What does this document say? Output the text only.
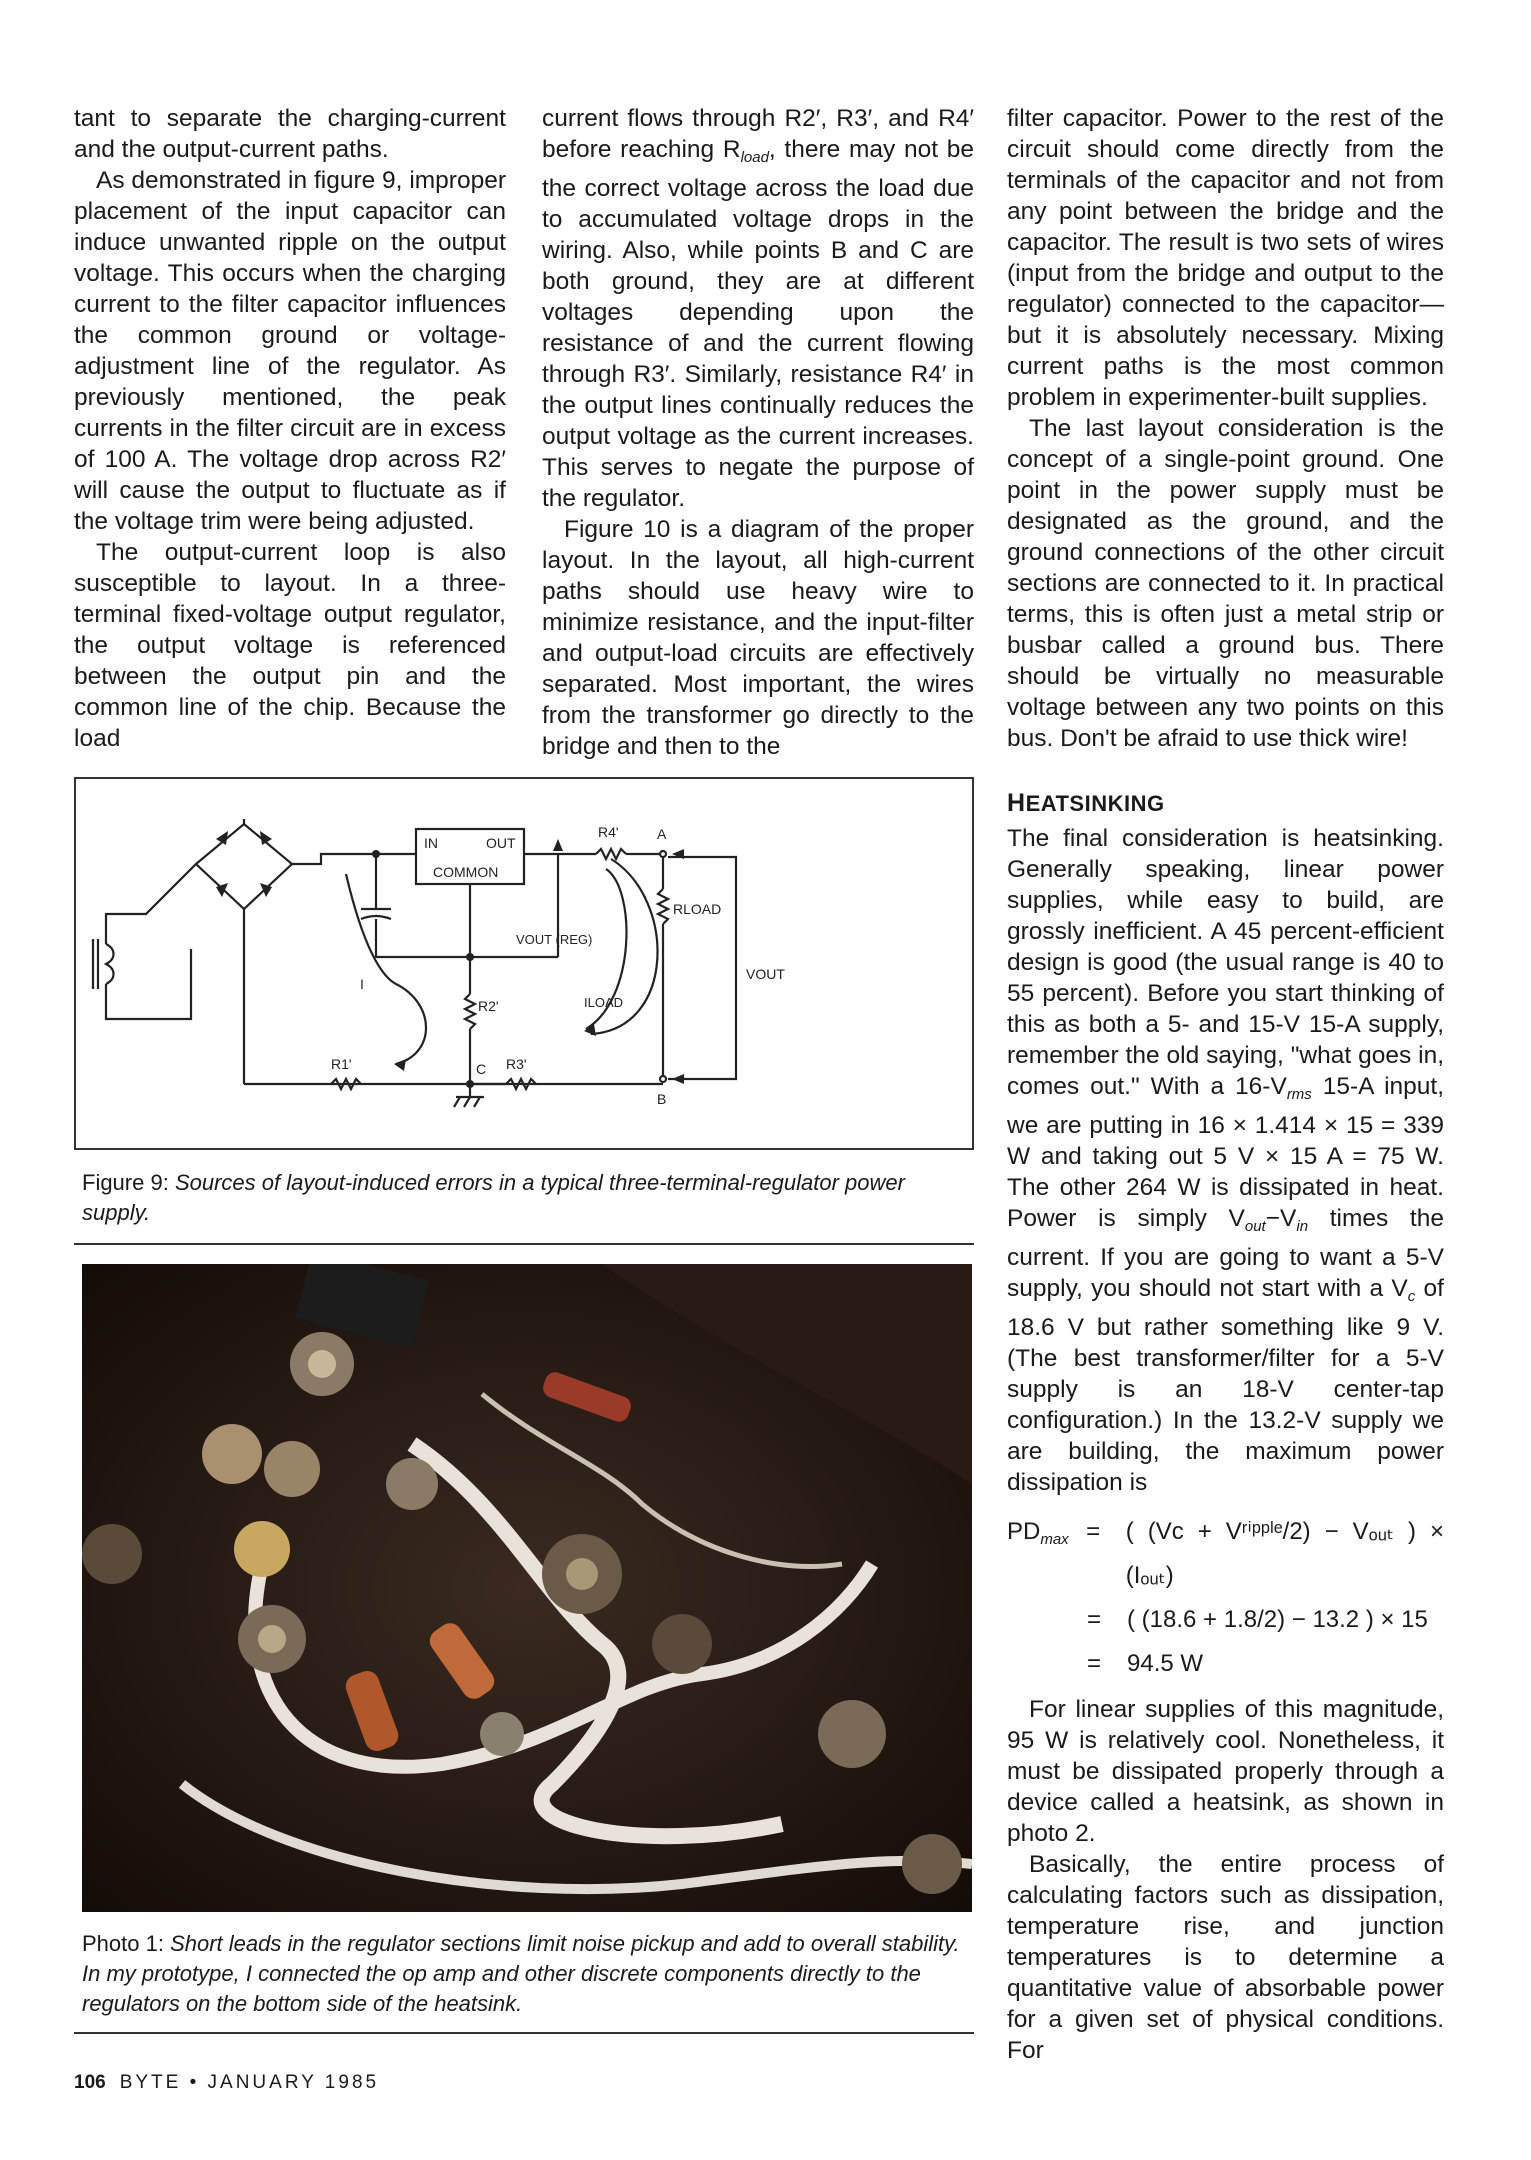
tant to separate the charging-current and the output-current paths.

As demonstrated in figure 9, improper placement of the input capacitor can induce unwanted ripple on the output voltage. This occurs when the charging current to the filter capacitor influences the common ground or voltage-adjustment line of the regulator. As previously mentioned, the peak currents in the filter circuit are in excess of 100 A. The voltage drop across R2′ will cause the output to fluctuate as if the voltage trim were being adjusted.

The output-current loop is also susceptible to layout. In a three-terminal fixed-voltage output regulator, the output voltage is referenced between the output pin and the common line of the chip. Because the load

current flows through R2′, R3′, and R4′ before reaching $R_{load}$, there may not be the correct voltage across the load due to accumulated voltage drops in the wiring. Also, while points B and C are both ground, they are at different voltages depending upon the resistance of and the current flowing through R3′. Similarly, resistance R4′ in the output lines continually reduces the output voltage as the current increases. This serves to negate the purpose of the regulator.

Figure 10 is a diagram of the proper layout. In the layout, all high-current paths should use heavy wire to minimize resistance, and the input-filter and output-load circuits are effectively separated. Most important, the wires from the transformer go directly to the bridge and then to the

filter capacitor. Power to the rest of the circuit should come directly from the terminals of the capacitor and not from any point between the bridge and the capacitor. The result is two sets of wires (input from the bridge and output to the regulator) connected to the capacitor—but it is absolutely necessary. Mixing current paths is the most common problem in experimenter-built supplies.

The last layout consideration is the concept of a single-point ground. One point in the power supply must be designated as the ground, and the ground connections of the other circuit sections are connected to it. In practical terms, this is often just a metal strip or busbar called a ground bus. There should be virtually no measurable voltage between any two points on this bus. Don't be afraid to use thick wire!

HEATSINKING

The final consideration is heatsinking. Generally speaking, linear power supplies, while easy to build, are grossly inefficient. A 45 percent-efficient design is good (the usual range is 40 to 55 percent). Before you start thinking of this as both a 5- and 15-V 15-A supply, remember the old saying, "what goes in, comes out." With a $16-V_{rms}$ 15-A input, we are putting in 16 × 1.414 × 15 = 339 W and taking out 5 V × 15 A = 75 W. The other 264 W is dissipated in heat. Power is simply $V_{out}-V_{in}$ times the current. If you are going to want a 5-V supply, you should not start with a $V_c$ of 18.6 V but rather something like 9 V. (The best transformer/filter for a 5-V supply is an 18-V center-tap configuration.) In the 13.2-V supply we are building, the maximum power dissipation is

$PD_{max}$ =	( (Vᴄ + Vʳⁱᵖᵖˡᵉ/2) − Vₒᵤₜ ) × (Iₒᵤₜ)
=	( (18.6 + 1.8/2) − 13.2 ) × 15
=	94.5 W

For linear supplies of this magnitude, 95 W is relatively cool. Nonetheless, it must be dissipated properly through a device called a heatsink, as shown in photo 2.

Basically, the entire process of calculating factors such as dissipation, temperature rise, and junction temperatures is to determine a quantitative value of absorbable power for a given set of physical conditions. For

IN	OUT
COMMON
R4'	A
B
C
R1'
R2'
R3'
I
RLOAD
VOUT (REG)
ILOAD
VOUT
Figure 9: Sources of layout-induced errors in a typical three-terminal-regulator power supply.
Photo 1: Short leads in the regulator sections limit noise pickup and add to overall stability. In my prototype, I connected the op amp and other discrete components directly to the regulators on the bottom side of the heatsink.
106 BYTE • JANUARY 1985
